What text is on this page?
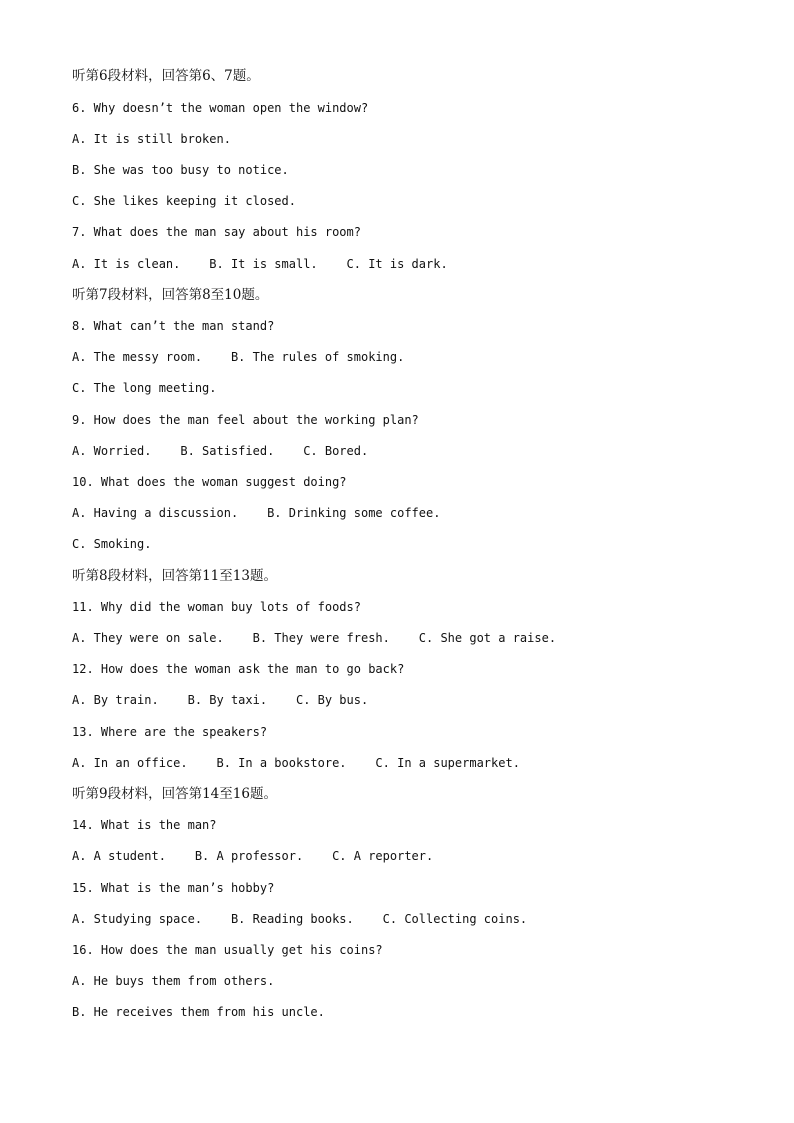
听第6段材料，回答第6、7题。
6. Why doesn’t the woman open the window?
A. It is still broken.
B. She was too busy to notice.
C. She likes keeping it closed.
7. What does the man say about his room?
A. It is clean.    B. It is small.    C. It is dark.
听第7段材料，回答第8至10题。
8. What can’t the man stand?
A. The messy room.    B. The rules of smoking.
C. The long meeting.
9. How does the man feel about the working plan?
A. Worried.    B. Satisfied.    C. Bored.
10. What does the woman suggest doing?
A. Having a discussion.    B. Drinking some coffee.
C. Smoking.
听第8段材料，回答第11至13题。
11. Why did the woman buy lots of foods?
A. They were on sale.    B. They were fresh.    C. She got a raise.
12. How does the woman ask the man to go back?
A. By train.    B. By taxi.    C. By bus.
13. Where are the speakers?
A. In an office.    B. In a bookstore.    C. In a supermarket.
听第9段材料，回答第14至16题。
14. What is the man?
A. A student.    B. A professor.    C. A reporter.
15. What is the man’s hobby?
A. Studying space.    B. Reading books.    C. Collecting coins.
16. How does the man usually get his coins?
A. He buys them from others.
B. He receives them from his uncle.
